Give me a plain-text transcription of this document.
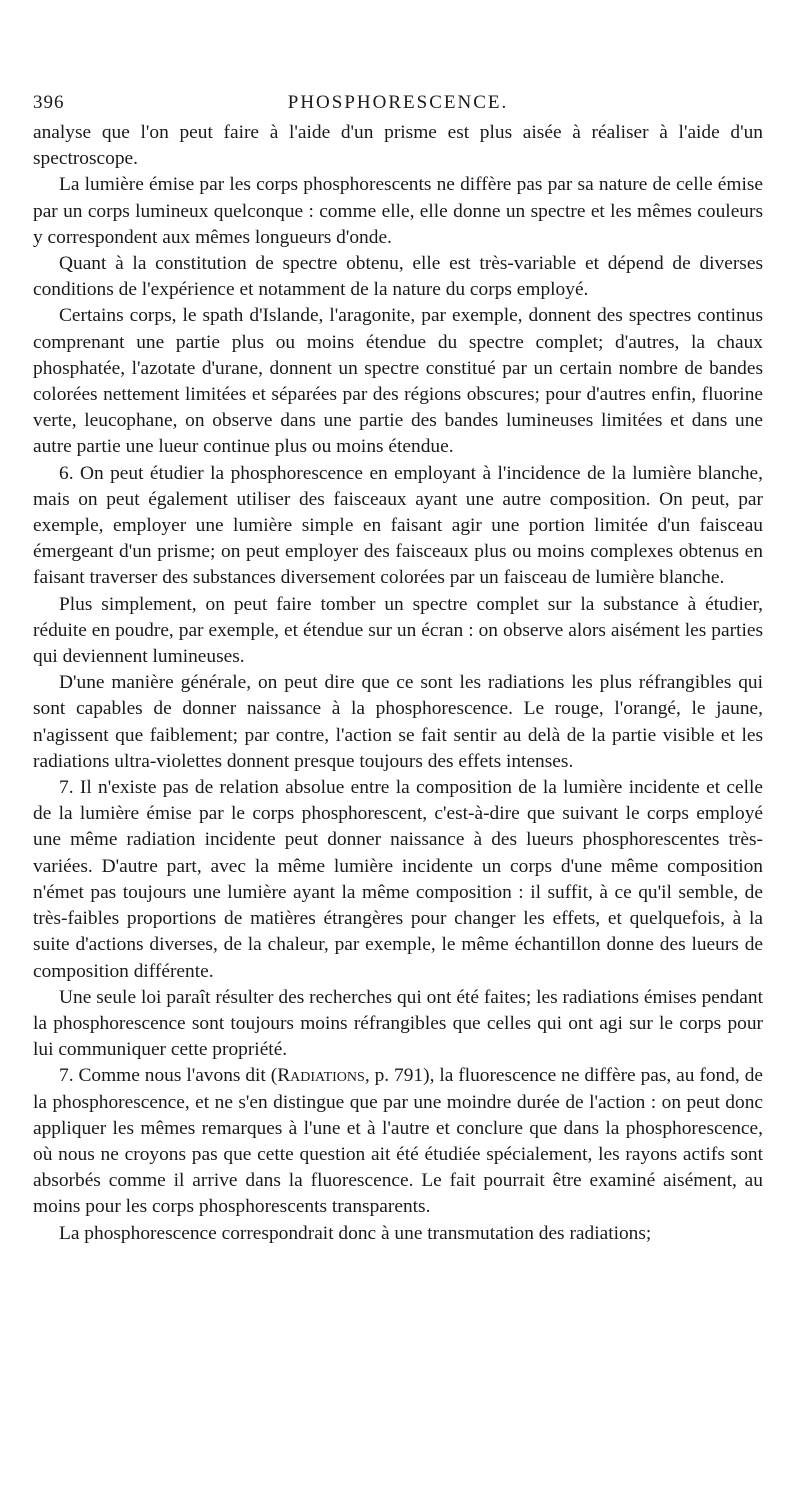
396	PHOSPHORESCENCE.

analyse que l'on peut faire à l'aide d'un prisme est plus aisée à réaliser à l'aide d'un spectroscope.

La lumière émise par les corps phosphorescents ne diffère pas par sa nature de celle émise par un corps lumineux quelconque : comme elle, elle donne un spectre et les mêmes couleurs y correspondent aux mêmes longueurs d'onde.

Quant à la constitution de spectre obtenu, elle est très-variable et dépend de diverses conditions de l'expérience et notamment de la nature du corps employé.

Certains corps, le spath d'Islande, l'aragonite, par exemple, donnent des spectres continus comprenant une partie plus ou moins étendue du spectre complet; d'autres, la chaux phosphatée, l'azotate d'urane, donnent un spectre constitué par un certain nombre de bandes colorées nettement limitées et séparées par des régions obscures; pour d'autres enfin, fluorine verte, leucophane, on observe dans une partie des bandes lumineuses limitées et dans une autre partie une lueur continue plus ou moins étendue.

6. On peut étudier la phosphorescence en employant à l'incidence de la lumière blanche, mais on peut également utiliser des faisceaux ayant une autre composition. On peut, par exemple, employer une lumière simple en faisant agir une portion limitée d'un faisceau émergeant d'un prisme; on peut employer des faisceaux plus ou moins complexes obtenus en faisant traverser des substances diversement colorées par un faisceau de lumière blanche.

Plus simplement, on peut faire tomber un spectre complet sur la substance à étudier, réduite en poudre, par exemple, et étendue sur un écran : on observe alors aisément les parties qui deviennent lumineuses.

D'une manière générale, on peut dire que ce sont les radiations les plus réfrangibles qui sont capables de donner naissance à la phosphorescence. Le rouge, l'orangé, le jaune, n'agissent que faiblement; par contre, l'action se fait sentir au delà de la partie visible et les radiations ultra-violettes donnent presque toujours des effets intenses.

7. Il n'existe pas de relation absolue entre la composition de la lumière incidente et celle de la lumière émise par le corps phosphorescent, c'est-à-dire que suivant le corps employé une même radiation incidente peut donner naissance à des lueurs phosphorescentes très-variées. D'autre part, avec la même lumière incidente un corps d'une même composition n'émet pas toujours une lumière ayant la même composition : il suffit, à ce qu'il semble, de très-faibles proportions de matières étrangères pour changer les effets, et quelquefois, à la suite d'actions diverses, de la chaleur, par exemple, le même échantillon donne des lueurs de composition différente.

Une seule loi paraît résulter des recherches qui ont été faites; les radiations émises pendant la phosphorescence sont toujours moins réfrangibles que celles qui ont agi sur le corps pour lui communiquer cette propriété.

7. Comme nous l'avons dit (Radiations, p. 791), la fluorescence ne diffère pas, au fond, de la phosphorescence, et ne s'en distingue que par une moindre durée de l'action : on peut donc appliquer les mêmes remarques à l'une et à l'autre et conclure que dans la phosphorescence, où nous ne croyons pas que cette question ait été étudiée spécialement, les rayons actifs sont absorbés comme il arrive dans la fluorescence. Le fait pourrait être examiné aisément, au moins pour les corps phosphorescents transparents.

La phosphorescence correspondrait donc à une transmutation des radiations;
